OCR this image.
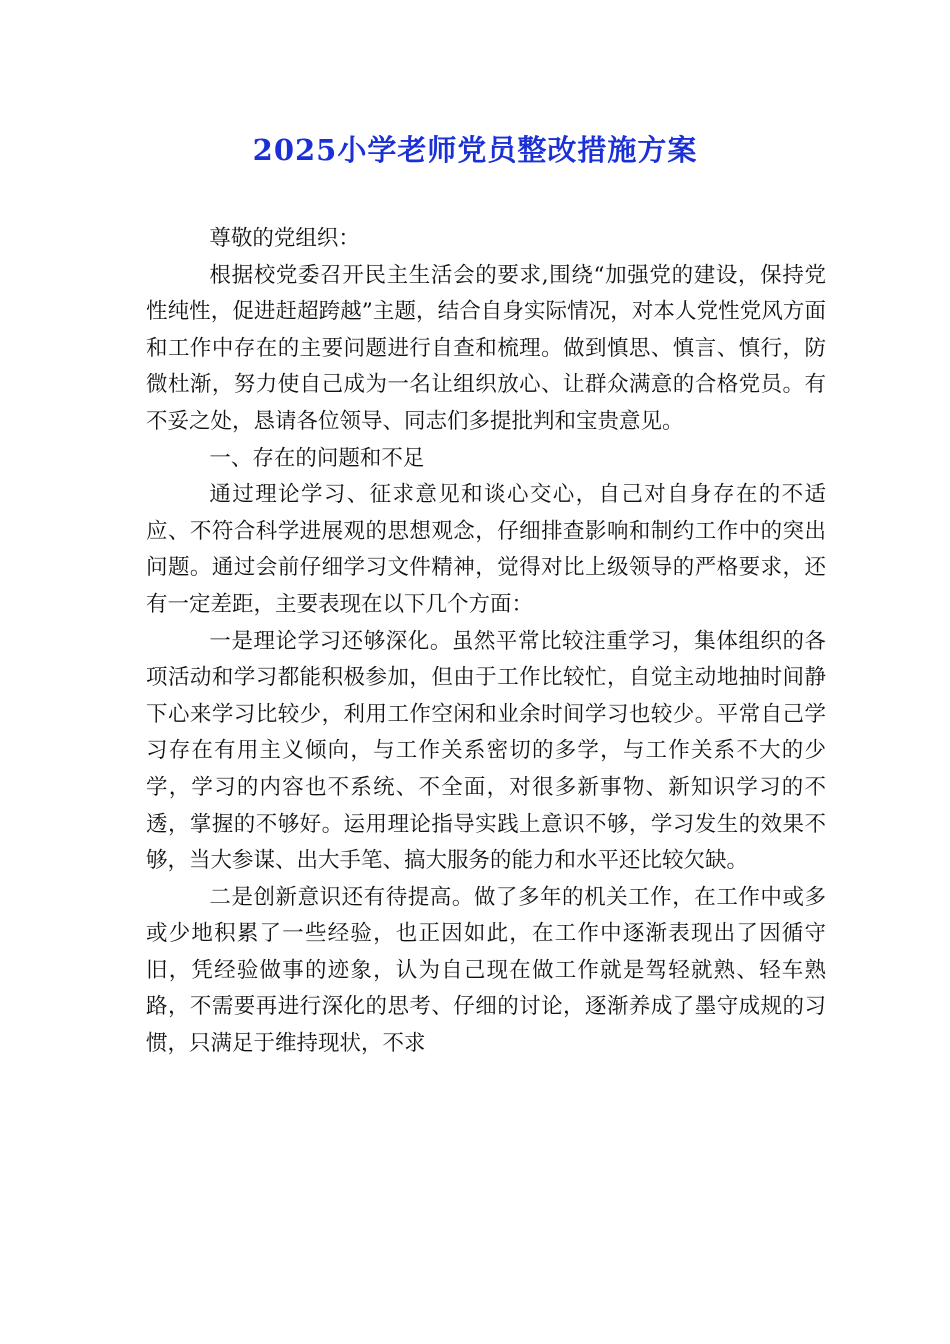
2025小学老师党员整改措施方案

尊敬的党组织：

根据校党委召开民主生活会的要求,围绕“加强党的建设，保持党性纯性，促进赶超跨越”主题，结合自身实际情况，对本人党性党风方面和工作中存在的主要问题进行自查和梳理。做到慎思、慎言、慎行，防微杜渐，努力使自己成为一名让组织放心、让群众满意的合格党员。有不妥之处，恳请各位领导、同志们多提批判和宝贵意见。

一、存在的问题和不足

通过理论学习、征求意见和谈心交心，自己对自身存在的不适应、不符合科学进展观的思想观念，仔细排查影响和制约工作中的突出问题。通过会前仔细学习文件精神，觉得对比上级领导的严格要求，还有一定差距，主要表现在以下几个方面：

一是理论学习还够深化。虽然平常比较注重学习，集体组织的各项活动和学习都能积极参加，但由于工作比较忙，自觉主动地抽时间静下心来学习比较少，利用工作空闲和业余时间学习也较少。平常自己学习存在有用主义倾向，与工作关系密切的多学，与工作关系不大的少学，学习的内容也不系统、不全面，对很多新事物、新知识学习的不透，掌握的不够好。运用理论指导实践上意识不够，学习发生的效果不够，当大参谋、出大手笔、搞大服务的能力和水平还比较欠缺。

二是创新意识还有待提高。做了多年的机关工作，在工作中或多或少地积累了一些经验，也正因如此，在工作中逐渐表现出了因循守旧，凭经验做事的迹象，认为自己现在做工作就是驾轻就熟、轻车熟路，不需要再进行深化的思考、仔细的讨论，逐渐养成了墨守成规的习惯，只满足于维持现状，不求
